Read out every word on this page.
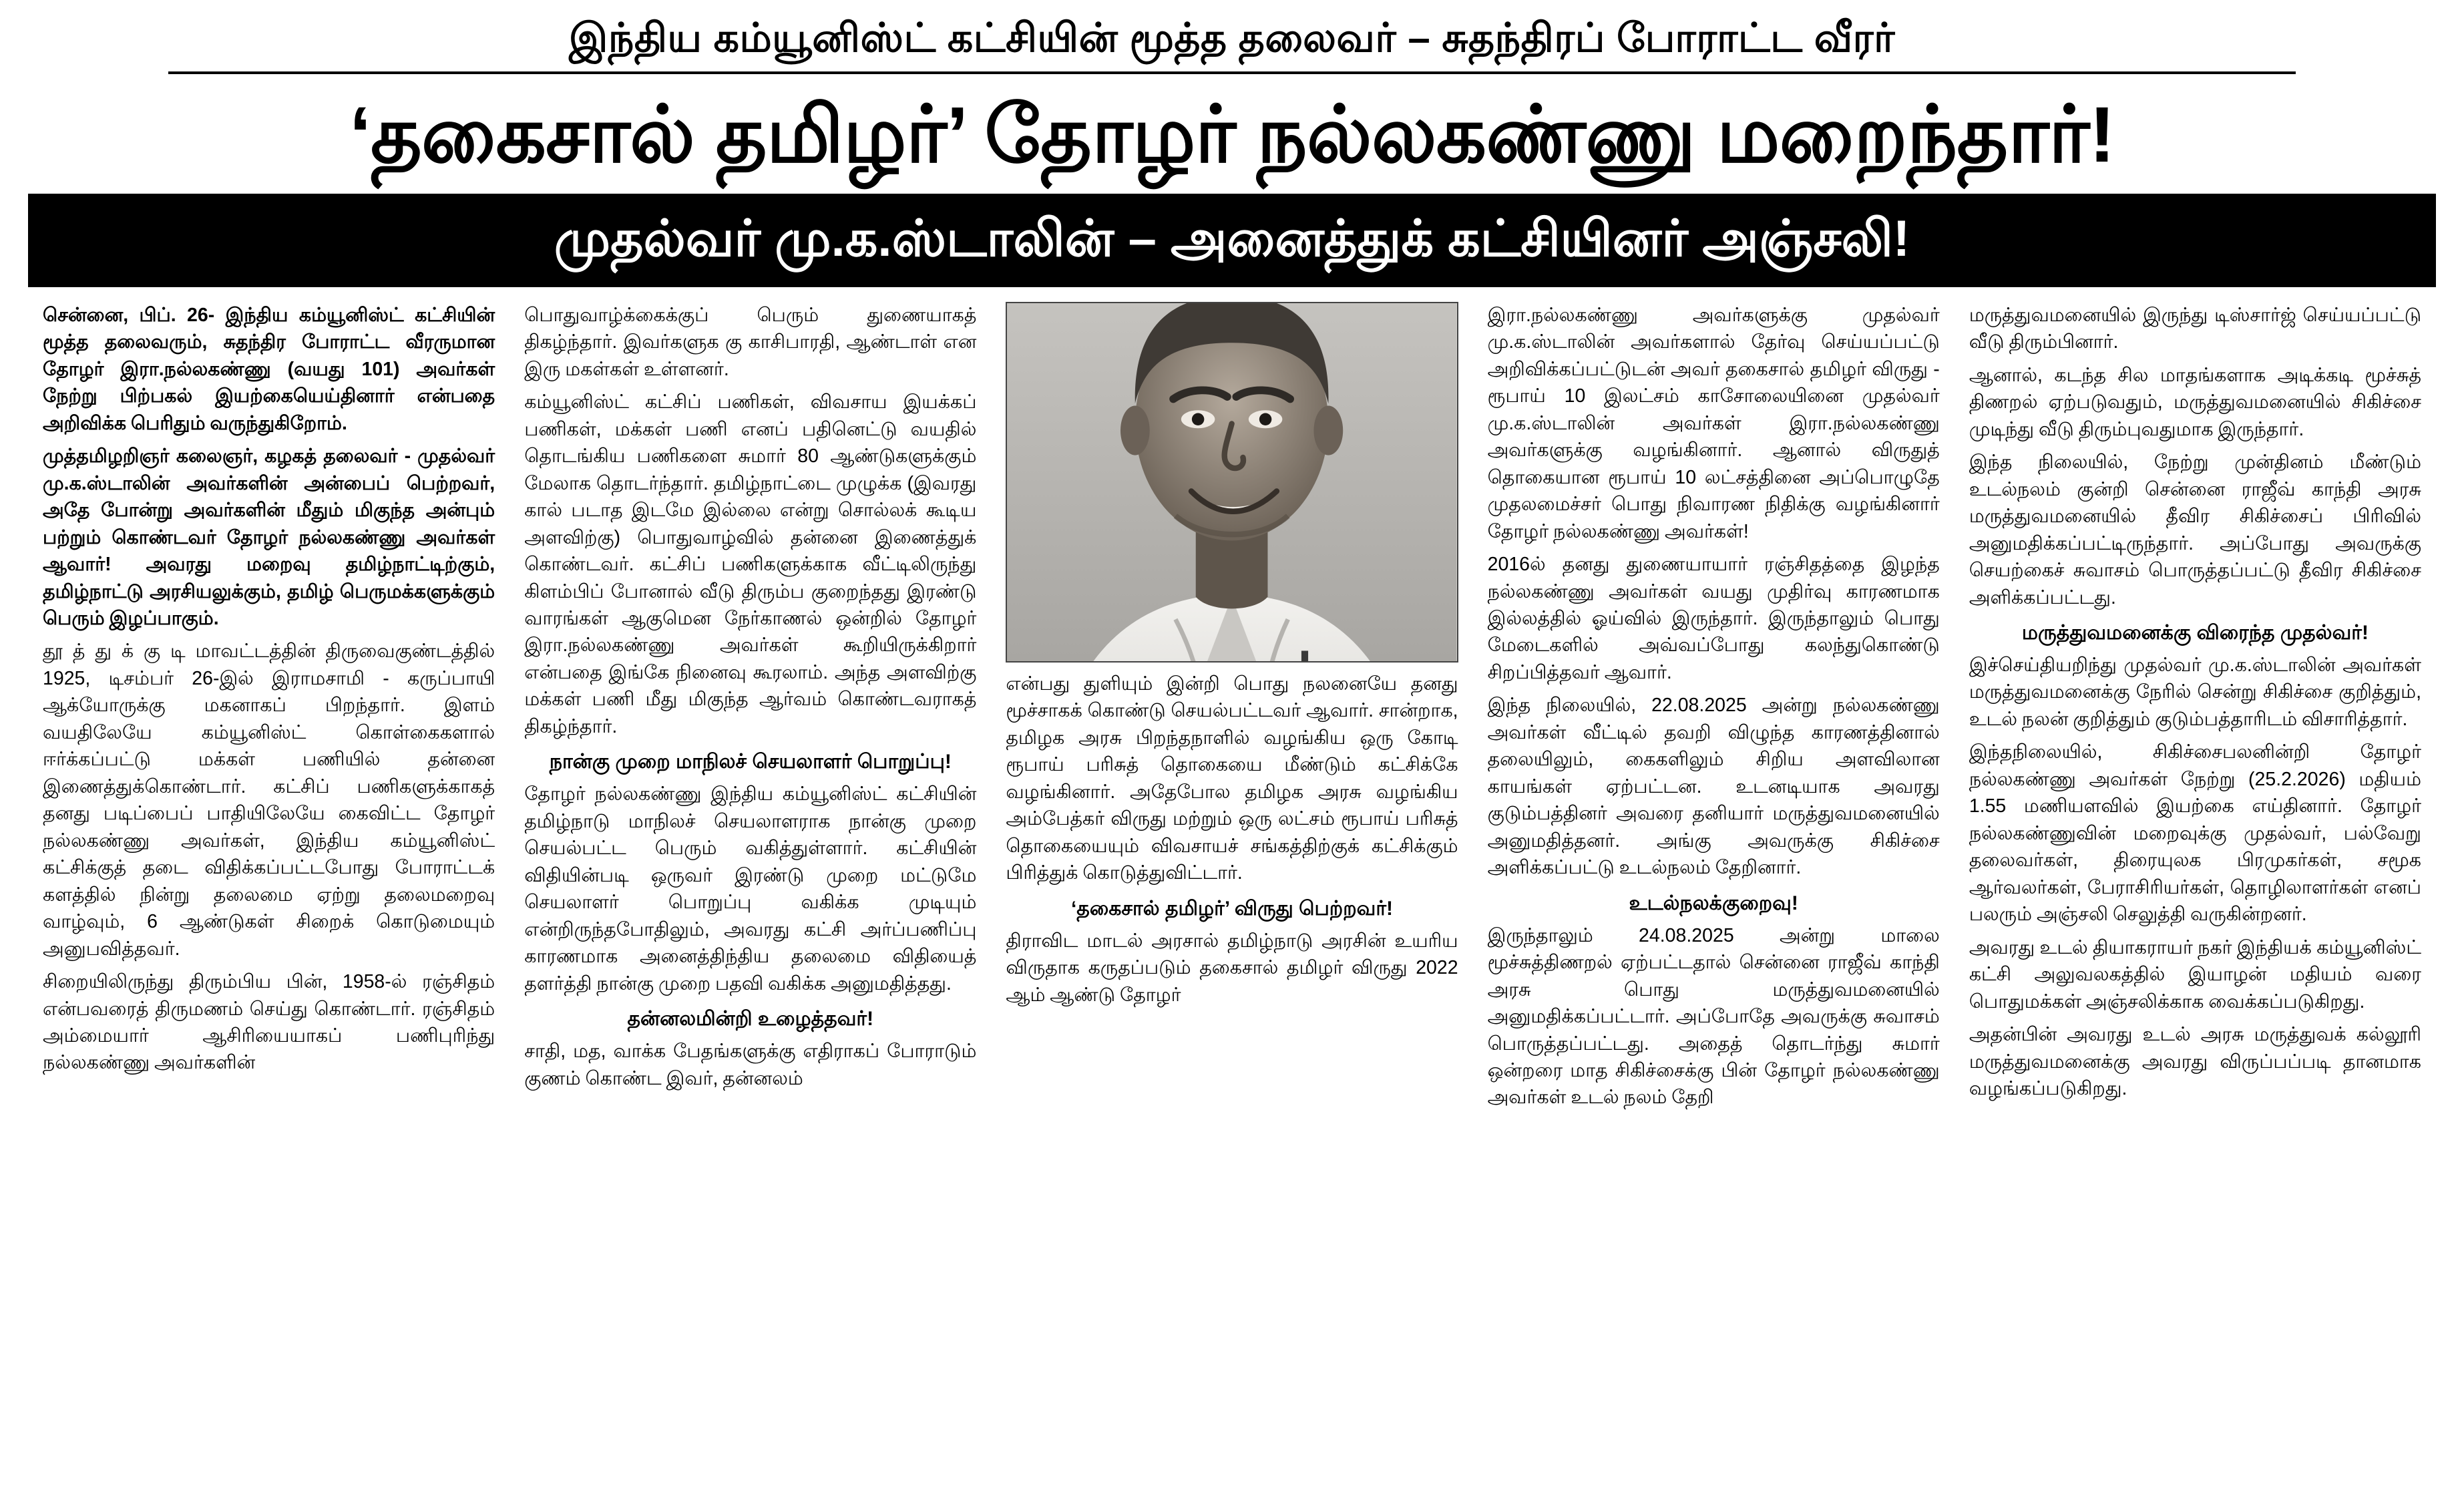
இந்திய கம்யூனிஸ்ட் கட்சியின் மூத்த தலைவர் – சுதந்திரப் போராட்ட வீரர்
‘தகைசால் தமிழர்’ தோழர் நல்லகண்ணு மறைந்தார்!
முதல்வர் மு.க.ஸ்டாலின் – அனைத்துக் கட்சியினர் அஞ்சலி!

சென்னை, பிப். 26- இந்திய கம்யூனிஸ்ட் கட்சியின் மூத்த தலைவரும், சுதந்திர போராட்ட வீரருமான தோழர் இரா.நல்லகண்ணு (வயது 101) அவர்கள் நேற்று பிற்பகல் இயற்கையெய்தினார் என்பதை அறிவிக்க பெரிதும் வருந்துகிறோம்.

முத்தமிழறிஞர் கலைஞர், கழகத் தலைவர் - முதல்வர் மு.க.ஸ்டாலின் அவர்களின் அன்பைப் பெற்றவர், அதே போன்று அவர்களின் மீதும் மிகுந்த அன்பும் பற்றும் கொண்டவர் தோழர் நல்லகண்ணு அவர்கள் ஆவார்! அவரது மறைவு தமிழ்நாட்டிற்கும், தமிழ்நாட்டு அரசியலுக்கும், தமிழ் பெருமக்களுக்கும் பெரும் இழப்பாகும்.

தூ த் து க் கு டி மாவட்டத்தின் திருவைகுண்டத்தில் 1925, டிசம்பர் 26-இல் இராமசாமி - கருப்பாயி ஆக்யோருக்கு மகனாகப் பிறந்தார். இளம் வயதிலேயே கம்யூனிஸ்ட் கொள்கைகளால் ஈர்க்கப்பட்டு மக்கள் பணியில் தன்னை இணைத்துக்கொண்டார். கட்சிப் பணிகளுக்காகத் தனது படிப்பைப் பாதியிலேயே கைவிட்ட தோழர் நல்லகண்ணு அவர்கள், இந்திய கம்யூனிஸ்ட் கட்சிக்குத் தடை விதிக்கப்பட்டபோது போராட்டக் களத்தில் நின்று தலைமை ஏற்று தலைமறைவு வாழ்வும், 6 ஆண்டுகள் சிறைக் கொடுமையும் அனுபவித்தவர்.

சிறையிலிருந்து திரும்பிய பின், 1958-ல் ரஞ்சிதம் என்பவரைத் திருமணம் செய்து கொண்டார். ரஞ்சிதம் அம்மையார் ஆசிரியையாகப் பணிபுரிந்து நல்லகண்ணு அவர்களின்

பொதுவாழ்க்கைக்குப் பெரும் துணையாகத் திகழ்ந்தார். இவர்களுக கு காசிபாரதி, ஆண்டாள் என இரு மகள்கள் உள்ளனர்.

கம்யூனிஸ்ட் கட்சிப் பணிகள், விவசாய இயக்கப் பணிகள், மக்கள் பணி எனப் பதினெட்டு வயதில் தொடங்கிய பணிகளை சுமார் 80 ஆண்டுகளுக்கும் மேலாக தொடர்ந்தார். தமிழ்நாட்டை முழுக்க (இவரது கால் படாத இடமே இல்லை என்று சொல்லக் கூடிய அளவிற்கு) பொதுவாழ்வில் தன்னை இணைத்துக் கொண்டவர். கட்சிப் பணிகளுக்காக வீட்டிலிருந்து கிளம்பிப் போனால் வீடு திரும்ப குறைந்தது இரண்டு வாரங்கள் ஆகுமென நேர்காணல் ஒன்றில் தோழர் இரா.நல்லகண்ணு அவர்கள் கூறியிருக்கிறார் என்பதை இங்கே நினைவு கூரலாம். அந்த அளவிற்கு மக்கள் பணி மீது மிகுந்த ஆர்வம் கொண்டவராகத் திகழ்ந்தார்.

நான்கு முறை மாநிலச் செயலாளர் பொறுப்பு!

தோழர் நல்லகண்ணு இந்திய கம்யூனிஸ்ட் கட்சியின் தமிழ்நாடு மாநிலச் செயலாளராக நான்கு முறை செயல்பட்ட பெரும் வகித்துள்ளார். கட்சியின் விதியின்படி ஒருவர் இரண்டு முறை மட்டுமே செயலாளர் பொறுப்பு வகிக்க முடியும் என்றிருந்தபோதிலும், அவரது கட்சி அர்ப்பணிப்பு காரணமாக அனைத்திந்திய தலைமை விதியைத் தளர்த்தி நான்கு முறை பதவி வகிக்க அனுமதித்தது.

தன்னலமின்றி உழைத்தவர்!

சாதி, மத, வாக்க பேதங்களுக்கு எதிராகப் போராடும் குணம் கொண்ட இவர், தன்னலம்

என்பது துளியும் இன்றி பொது நலனையே தனது மூச்சாகக் கொண்டு செயல்பட்டவர் ஆவார். சான்றாக, தமிழக அரசு பிறந்தநாளில் வழங்கிய ஒரு கோடி ரூபாய் பரிசுத் தொகையை மீண்டும் கட்சிக்கே வழங்கினார். அதேபோல தமிழக அரசு வழங்கிய அம்பேத்கர் விருது மற்றும் ஒரு லட்சம் ரூபாய் பரிசுத் தொகையையும் விவசாயச் சங்கத்திற்குக் கட்சிக்கும் பிரித்துக் கொடுத்துவிட்டார்.

‘தகைசால் தமிழர்’ விருது பெற்றவர்!

திராவிட மாடல் அரசால் தமிழ்நாடு அரசின் உயரிய விருதாக கருதப்படும் தகைசால் தமிழர் விருது 2022 ஆம் ஆண்டு தோழர்

இரா.நல்லகண்ணு அவர்களுக்கு முதல்வர் மு.க.ஸ்டாலின் அவர்களால் தேர்வு செய்யப்பட்டு அறிவிக்கப்பட்டுடன் அவர் தகைசால் தமிழர் விருது - ரூபாய் 10 இலட்சம் காசோலையினை முதல்வர் மு.க.ஸ்டாலின் அவர்கள் இரா.நல்லகண்ணு அவர்களுக்கு வழங்கினார். ஆனால் விருதுத் தொகையான ரூபாய் 10 லட்சத்தினை அப்பொழுதே முதலமைச்சர் பொது நிவாரண நிதிக்கு வழங்கினார் தோழர் நல்லகண்ணு அவர்கள்!

2016ல் தனது துணையாயார் ரஞ்சிதத்தை இழந்த நல்லகண்ணு அவர்கள் வயது முதிர்வு காரணமாக இல்லத்தில் ஓய்வில் இருந்தார். இருந்தாலும் பொது மேடைகளில் அவ்வப்போது கலந்துகொண்டு சிறப்பித்தவர் ஆவார்.

இந்த நிலையில், 22.08.2025 அன்று நல்லகண்ணு அவர்கள் வீட்டில் தவறி விழுந்த காரணத்தினால் தலையிலும், கைகளிலும் சிறிய அளவிலான காயங்கள் ஏற்பட்டன. உடனடியாக அவரது குடும்பத்தினர் அவரை தனியார் மருத்துவமனையில் அனுமதித்தனர். அங்கு அவருக்கு சிகிச்சை அளிக்கப்பட்டு உடல்நலம் தேறினார்.

உடல்நலக்குறைவு!

இருந்தாலும் 24.08.2025 அன்று மாலை மூச்சுத்திணறல் ஏற்பட்டதால் சென்னை ராஜீவ் காந்தி அரசு பொது மருத்துவமனையில் அனுமதிக்கப்பட்டார். அப்போதே அவருக்கு சுவாசம் பொருத்தப்பட்டது. அதைத் தொடர்ந்து சுமார் ஒன்றரை மாத சிகிச்சைக்கு பின் தோழர் நல்லகண்ணு அவர்கள் உடல் நலம் தேறி

மருத்துவமனையில் இருந்து டிஸ்சார்ஜ் செய்யப்பட்டு வீடு திரும்பினார்.

ஆனால், கடந்த சில மாதங்களாக அடிக்கடி மூச்சுத் திணறல் ஏற்படுவதும், மருத்துவமனையில் சிகிச்சை முடிந்து வீடு திரும்புவதுமாக இருந்தார்.

இந்த நிலையில், நேற்று முன்தினம் மீண்டும் உடல்நலம் குன்றி சென்னை ராஜீவ் காந்தி அரசு மருத்துவமனையில் தீவிர சிகிச்சைப் பிரிவில் அனுமதிக்கப்பட்டிருந்தார். அப்போது அவருக்கு செயற்கைச் சுவாசம் பொருத்தப்பட்டு தீவிர சிகிச்சை அளிக்கப்பட்டது.

மருத்துவமனைக்கு விரைந்த முதல்வர்!

இச்செய்தியறிந்து முதல்வர் மு.க.ஸ்டாலின் அவர்கள் மருத்துவமனைக்கு நேரில் சென்று சிகிச்சை குறித்தும், உடல் நலன் குறித்தும் குடும்பத்தாரிடம் விசாரித்தார்.

இந்தநிலையில், சிகிச்சைபலனின்றி தோழர் நல்லகண்ணு அவர்கள் நேற்று (25.2.2026) மதியம் 1.55 மணியளவில் இயற்கை எய்தினார். தோழர் நல்லகண்ணுவின் மறைவுக்கு முதல்வர், பல்வேறு தலைவர்கள், திரையுலக பிரமுகர்கள், சமூக ஆர்வலர்கள், பேராசிரியர்கள், தொழிலாளர்கள் எனப் பலரும் அஞ்சலி செலுத்தி வருகின்றனர்.

அவரது உடல் தியாகராயர் நகர் இந்தியக் கம்யூனிஸ்ட் கட்சி அலுவலகத்தில் இயாழன் மதியம் வரை பொதுமக்கள் அஞ்சலிக்காக வைக்கப்படுகிறது.

அதன்பின் அவரது உடல் அரசு மருத்துவக் கல்லூரி மருத்துவமனைக்கு அவரது விருப்பப்படி தானமாக வழங்கப்படுகிறது.
